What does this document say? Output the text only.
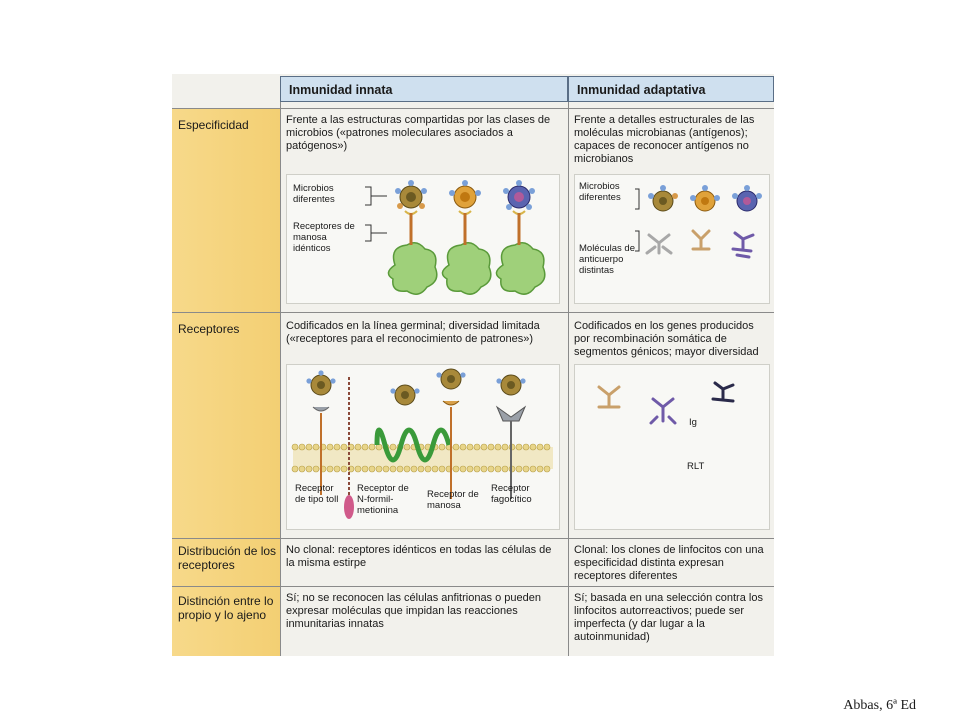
Inmunidad innata	Inmunidad adaptativa
Especificidad
Receptores
Distribución de los receptores
Distinción entre lo propio y lo ajeno
Frente a las estructuras compartidas por las clases de microbios («patrones moleculares asociados a patógenos»)
Frente a detalles estructurales de las moléculas microbianas (antígenos); capaces de reconocer antígenos no microbianos
Codificados en la línea germinal; diversidad limitada («receptores para el reconocimiento de patrones»)
Codificados en los genes producidos por recombinación somática de segmentos génicos; mayor diversidad
No clonal: receptores idénticos en todas las células de la misma estirpe
Clonal: los clones de linfocitos con una especificidad distinta expresan receptores diferentes
Sí; no se reconocen las células anfitrionas o pueden expresar moléculas que impidan las reacciones inmunitarias innatas
Sí; basada en una selección contra los linfocitos autorreactivos; puede ser imperfecta (y dar lugar a la autoinmunidad)
Microbios diferentes
Receptores de manosa idénticos
Microbios diferentes
Moléculas de anticuerpo distintas
Receptor de tipo toll
Receptor de N-formil-metionina
Receptor de manosa
Receptor fagocítico
Ig
RLT
Abbas, 6ª Ed
